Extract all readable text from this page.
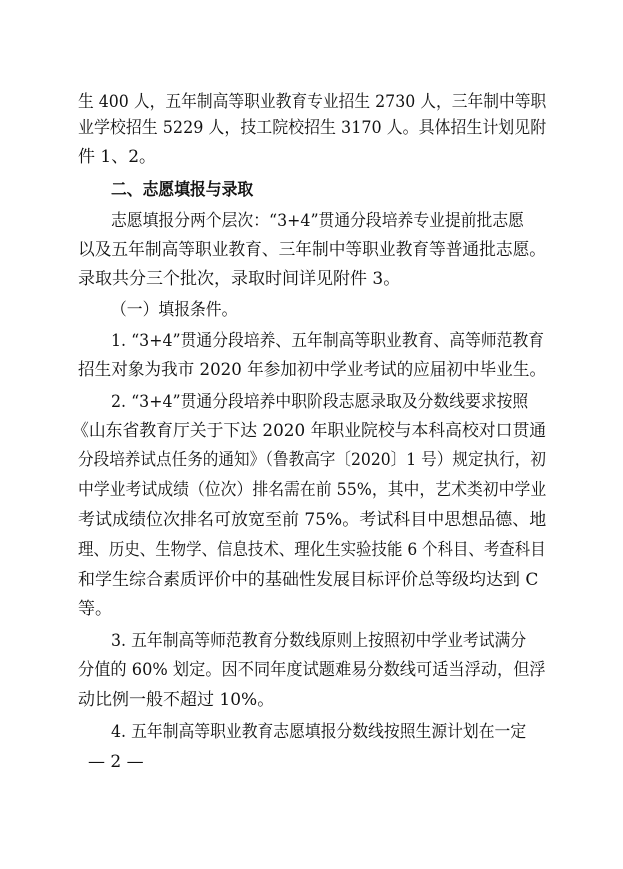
生 400 人，五年制高等职业教育专业招生 2730 人，三年制中等职
业学校招生 5229 人，技工院校招生 3170 人。具体招生计划见附
件 1、2。
二、志愿填报与录取
志愿填报分两个层次：“3+4”贯通分段培养专业提前批志愿
以及五年制高等职业教育、三年制中等职业教育等普通批志愿。
录取共分三个批次，录取时间详见附件 3。
（一）填报条件。
1. “3+4”贯通分段培养、五年制高等职业教育、高等师范教育
招生对象为我市 2020 年参加初中学业考试的应届初中毕业生。
2. “3+4”贯通分段培养中职阶段志愿录取及分数线要求按照
《山东省教育厅关于下达 2020 年职业院校与本科高校对口贯通
分段培养试点任务的通知》（鲁教高字〔2020〕1 号）规定执行，初
中学业考试成绩（位次）排名需在前 55%，其中，艺术类初中学业
考试成绩位次排名可放宽至前 75%。考试科目中思想品德、地
理、历史、生物学、信息技术、理化生实验技能 6 个科目、考查科目
和学生综合素质评价中的基础性发展目标评价总等级均达到 C
等。
3. 五年制高等师范教育分数线原则上按照初中学业考试满分
分值的 60% 划定。因不同年度试题难易分数线可适当浮动，但浮
动比例一般不超过 10%。
4. 五年制高等职业教育志愿填报分数线按照生源计划在一定
— 2 —
